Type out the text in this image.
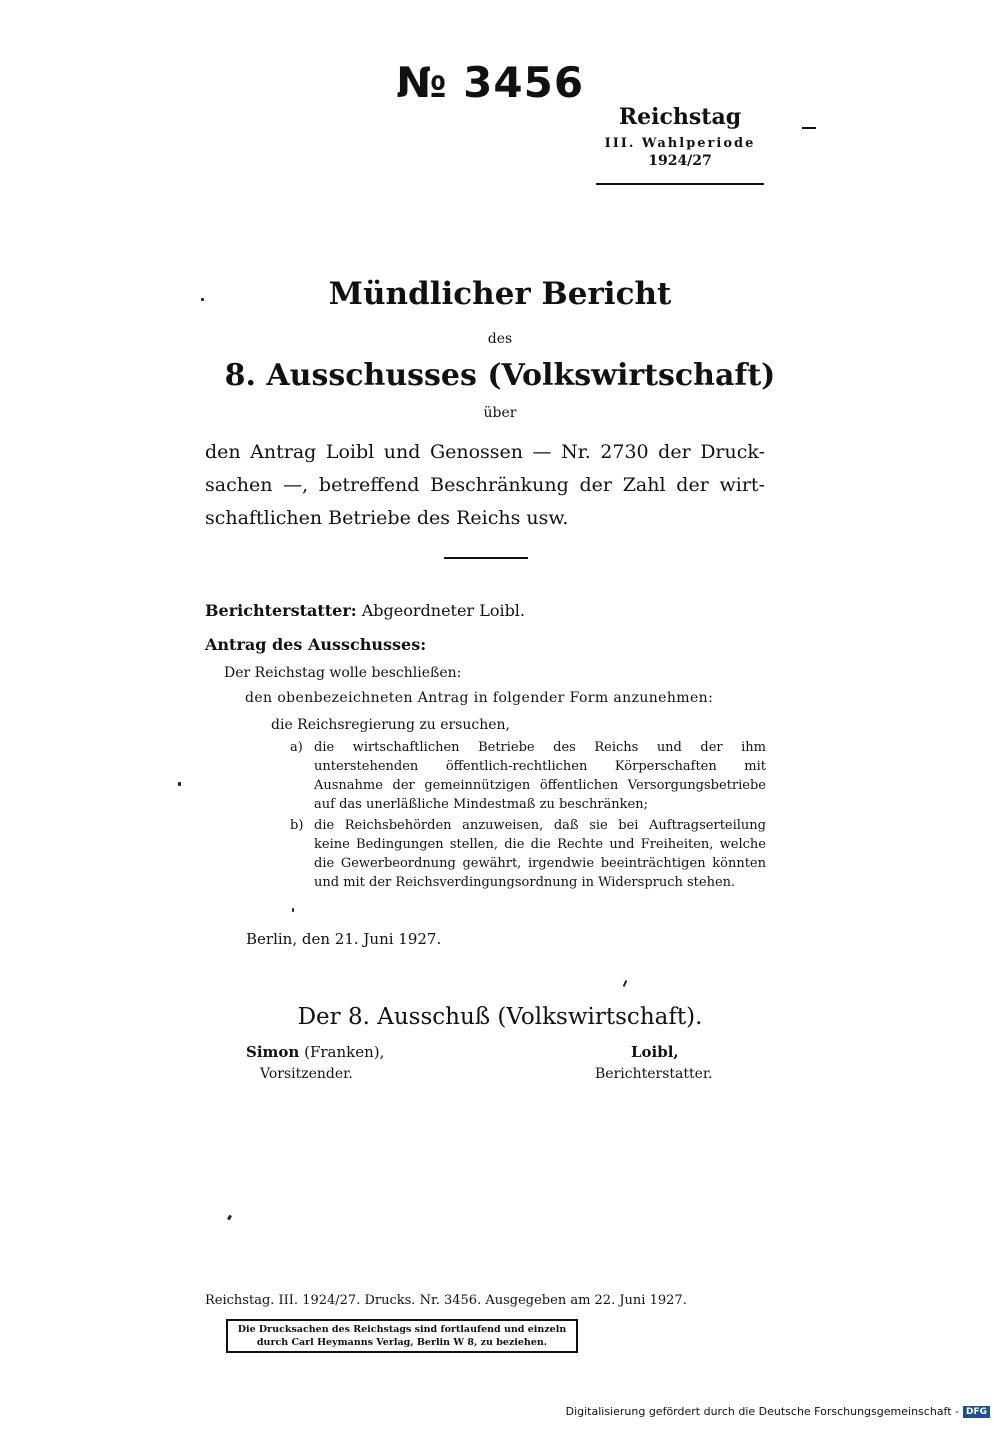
№ 3456
Reichstag
III. Wahlperiode
1924/27
Mündlicher Bericht
des
8. Ausschusses (Volkswirtschaft)
über
den Antrag Loibl und Genossen — Nr. 2730 der Druck-
sachen —, betreffend Beschränkung der Zahl der wirt-
schaftlichen Betriebe des Reichs usw.
Berichterstatter: Abgeordneter Loibl.
Antrag des Ausschusses:
Der Reichstag wolle beschließen:
den obenbezeichneten Antrag in folgender Form anzunehmen:
die Reichsregierung zu ersuchen,
a) die wirtschaftlichen Betriebe des Reichs und der ihm unterstehenden öffentlich-rechtlichen Körperschaften mit Ausnahme der gemeinnützigen öffentlichen Versorgungsbetriebe auf das unerläßliche Mindestmaß zu beschränken;
b) die Reichsbehörden anzuweisen, daß sie bei Auftragserteilung keine Bedingungen stellen, die die Rechte und Freiheiten, welche die Gewerbeordnung gewährt, irgendwie beeinträchtigen könnten und mit der Reichsverdingungsordnung in Widerspruch stehen.
Berlin, den 21. Juni 1927.
Der 8. Ausschuß (Volkswirtschaft).
Simon (Franken),
Vorsitzender.
Loibl,
Berichterstatter.
Reichstag. III. 1924/27. Drucks. Nr. 3456. Ausgegeben am 22. Juni 1927.
Die Drucksachen des Reichstags sind fortlaufend und einzeln
durch Carl Heymanns Verlag, Berlin W 8, zu beziehen.
Digitalisierung gefördert durch die Deutsche Forschungsgemeinschaft - DFG
